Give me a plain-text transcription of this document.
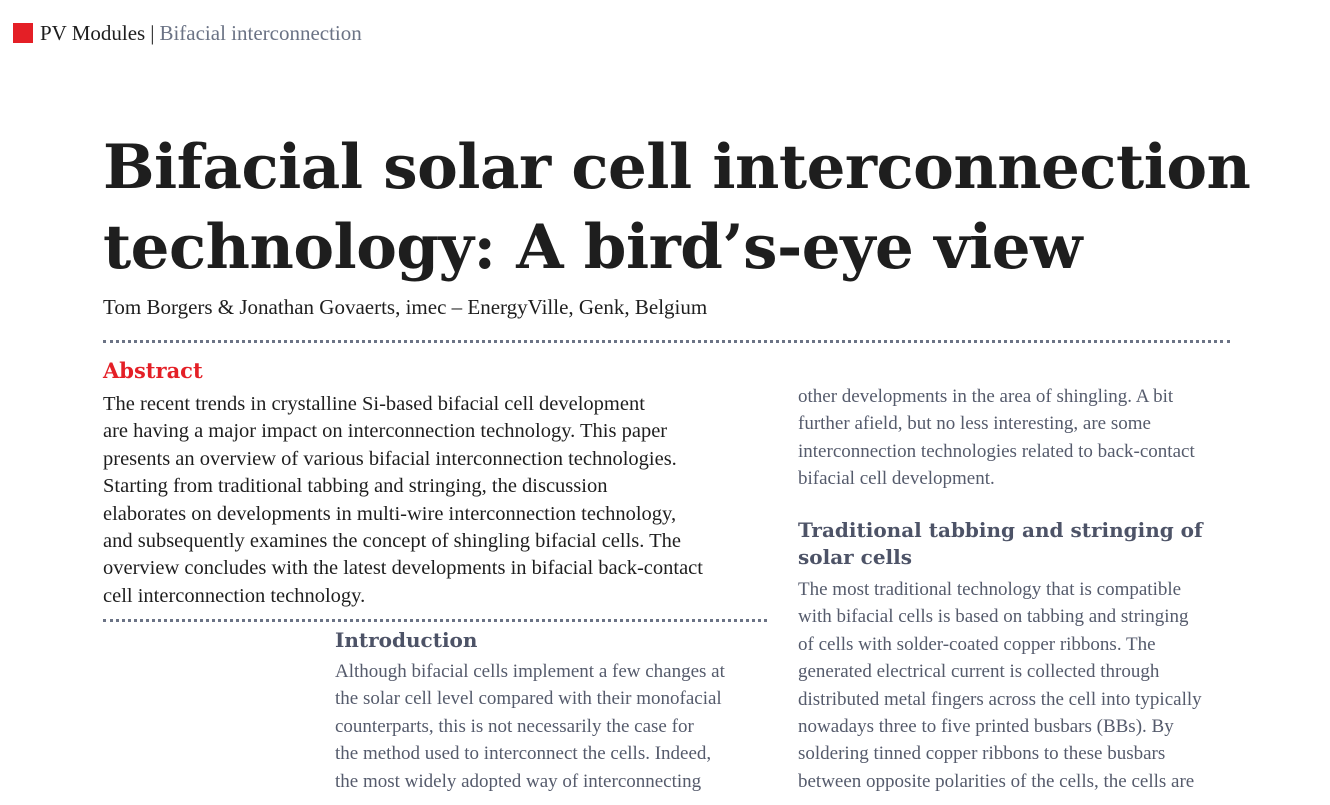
PV Modules | Bifacial interconnection
Bifacial solar cell interconnection
technology: A bird’s-eye view
Tom Borgers & Jonathan Govaerts, imec – EnergyVille, Genk, Belgium
Abstract
The recent trends in crystalline Si-based bifacial cell development
are having a major impact on interconnection technology. This paper
presents an overview of various bifacial interconnection technologies.
Starting from traditional tabbing and stringing, the discussion
elaborates on developments in multi-wire interconnection technology,
and subsequently examines the concept of shingling bifacial cells. The
overview concludes with the latest developments in bifacial back-contact
cell interconnection technology.
Introduction
Although bifacial cells implement a few changes at
the solar cell level compared with their monofacial
counterparts, this is not necessarily the case for
the method used to interconnect the cells. Indeed,
the most widely adopted way of interconnecting
other developments in the area of shingling. A bit
further afield, but no less interesting, are some
interconnection technologies related to back-contact
bifacial cell development.
Traditional tabbing and stringing of
solar cells
The most traditional technology that is compatible
with bifacial cells is based on tabbing and stringing
of cells with solder-coated copper ribbons. The
generated electrical current is collected through
distributed metal fingers across the cell into typically
nowadays three to five printed busbars (BBs). By
soldering tinned copper ribbons to these busbars
between opposite polarities of the cells, the cells are
